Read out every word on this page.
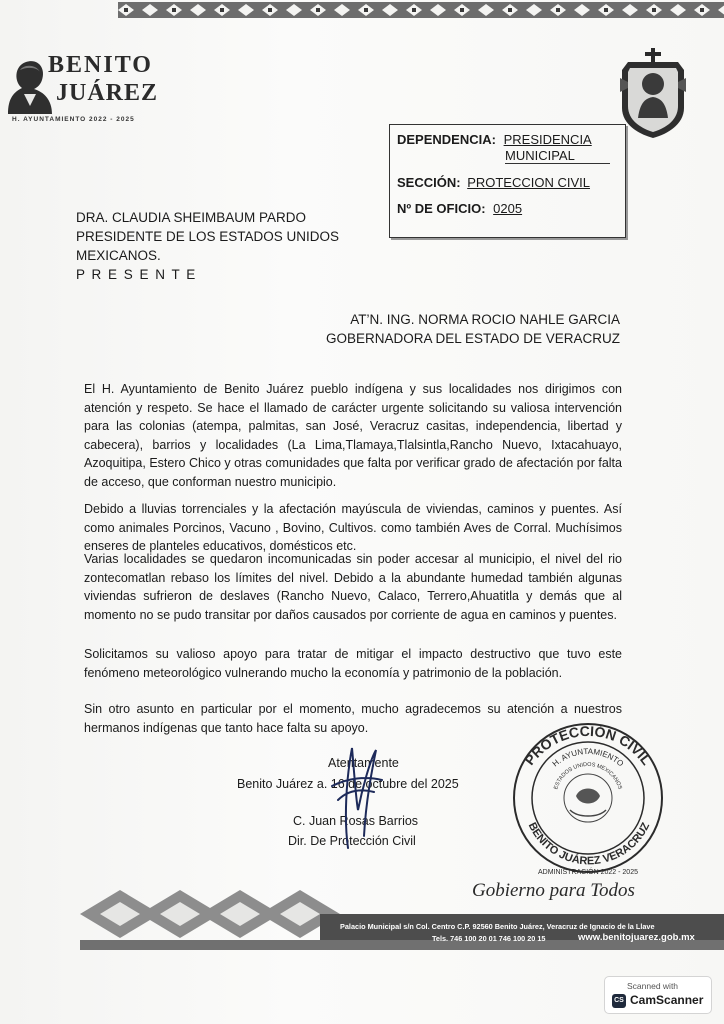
BENITO
JUÁREZ
H. AYUNTAMIENTO 2022 - 2025
DEPENDENCIA: PRESIDENCIA
MUNICIPAL
SECCIÓN: PROTECCION CIVIL
Nº DE OFICIO: 0205
DRA. CLAUDIA SHEIMBAUM PARDO
PRESIDENTE DE LOS ESTADOS UNIDOS
MEXICANOS.
P R E S E N T E
AT’N. ING. NORMA ROCIO NAHLE GARCIA
GOBERNADORA DEL ESTADO DE VERACRUZ

El H. Ayuntamiento de Benito Juárez pueblo indígena y sus localidades nos dirigimos con atención y respeto. Se hace el llamado de carácter urgente solicitando su valiosa intervención para las colonias (atempa, palmitas, san José, Veracruz casitas, independencia, libertad y cabecera), barrios y localidades (La Lima,Tlamaya,Tlalsintla,Rancho Nuevo, Ixtacahuayo, Azoquitipa, Estero Chico y otras comunidades que falta por verificar grado de afectación por falta de acceso, que conforman nuestro municipio.

Debido a lluvias torrenciales y la afectación mayúscula de viviendas, caminos y puentes. Así como animales Porcinos, Vacuno , Bovino, Cultivos. como también Aves de Corral. Muchísimos enseres de planteles educativos, domésticos etc.

Varias localidades se quedaron incomunicadas sin poder accesar al municipio, el nivel del rio zontecomatlan rebaso los límites del nivel. Debido a la abundante humedad también algunas viviendas sufrieron de deslaves (Rancho Nuevo, Calaco, Terrero,Ahuatitla y demás que al momento no se pudo transitar por daños causados por corriente de agua en caminos y puentes.

Solicitamos su valioso apoyo para tratar de mitigar el impacto destructivo que tuvo este fenómeno meteorológico vulnerando mucho la economía y patrimonio de la población.

Sin otro asunto en particular por el momento, mucho agradecemos su atención a nuestros hermanos indígenas que tanto hace falta su apoyo.

Atentamente
Benito Juárez a. 16 de octubre del 2025
C. Juan Rosas Barrios
Dir. De Protección Civil
PROTECCIÓN CIVIL
BENITO JUÁREZ VERACRUZ
H. AYUNTAMIENTO
ESTADOS UNIDOS MEXICANOS
ADMINISTRACIÓN 2022 - 2025
Palacio Municipal s/n Col. Centro C.P. 92560 Benito Juárez, Veracruz de Ignacio de la Llave
Tels. 746 100 20 01 746 100 20 15	www.benitojuarez.gob.mx
Gobierno para Todos
Scanned with
CS CamScanner
